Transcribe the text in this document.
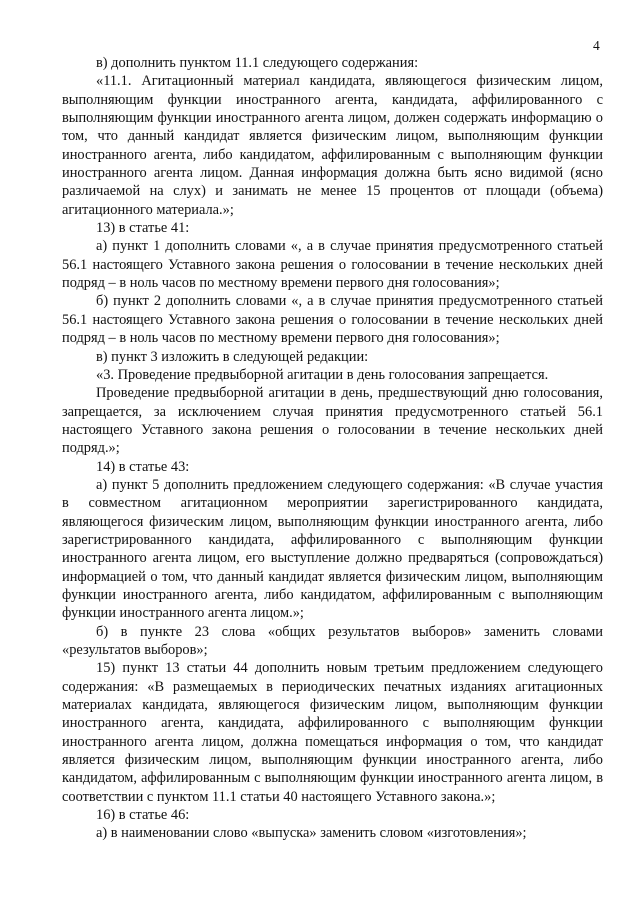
4

в) дополнить пунктом 11.1 следующего содержания:

«11.1. Агитационный материал кандидата, являющегося физическим лицом, выполняющим функции иностранного агента, кандидата, аффилированного с выполняющим функции иностранного агента лицом, должен содержать информацию о том, что данный кандидат является физическим лицом, выполняющим функции иностранного агента, либо кандидатом, аффилированным с выполняющим функции иностранного агента лицом. Данная информация должна быть ясно видимой (ясно различаемой на слух) и занимать не менее 15 процентов от площади (объема) агитационного материала.»;

13) в статье 41:

а) пункт 1 дополнить словами «, а в случае принятия предусмотренного статьей 56.1 настоящего Уставного закона решения о голосовании в течение нескольких дней подряд – в ноль часов по местному времени первого дня голосования»;

б) пункт 2 дополнить словами «, а в случае принятия предусмотренного статьей 56.1 настоящего Уставного закона решения о голосовании в течение нескольких дней подряд – в ноль часов по местному времени первого дня голосования»;

в) пункт 3 изложить в следующей редакции:

«3. Проведение предвыборной агитации в день голосования запрещается.

Проведение предвыборной агитации в день, предшествующий дню голосования, запрещается, за исключением случая принятия предусмотренного статьей 56.1 настоящего Уставного закона решения о голосовании в течение нескольких дней подряд.»;

14) в статье 43:

а) пункт 5 дополнить предложением следующего содержания: «В случае участия в совместном агитационном мероприятии зарегистрированного кандидата, являющегося физическим лицом, выполняющим функции иностранного агента, либо зарегистрированного кандидата, аффилированного с выполняющим функции иностранного агента лицом, его выступление должно предваряться (сопровождаться) информацией о том, что данный кандидат является физическим лицом, выполняющим функции иностранного агента, либо кандидатом, аффилированным с выполняющим функции иностранного агента лицом.»;

б) в пункте 23 слова «общих результатов выборов» заменить словами «результатов выборов»;

15) пункт 13 статьи 44 дополнить новым третьим предложением следующего содержания: «В размещаемых в периодических печатных изданиях агитационных материалах кандидата, являющегося физическим лицом, выполняющим функции иностранного агента, кандидата, аффилированного с выполняющим функции иностранного агента лицом, должна помещаться информация о том, что кандидат является физическим лицом, выполняющим функции иностранного агента, либо кандидатом, аффилированным с выполняющим функции иностранного агента лицом, в соответствии с пунктом 11.1 статьи 40 настоящего Уставного закона.»;

16) в статье 46:

а) в наименовании слово «выпуска» заменить словом «изготовления»;
